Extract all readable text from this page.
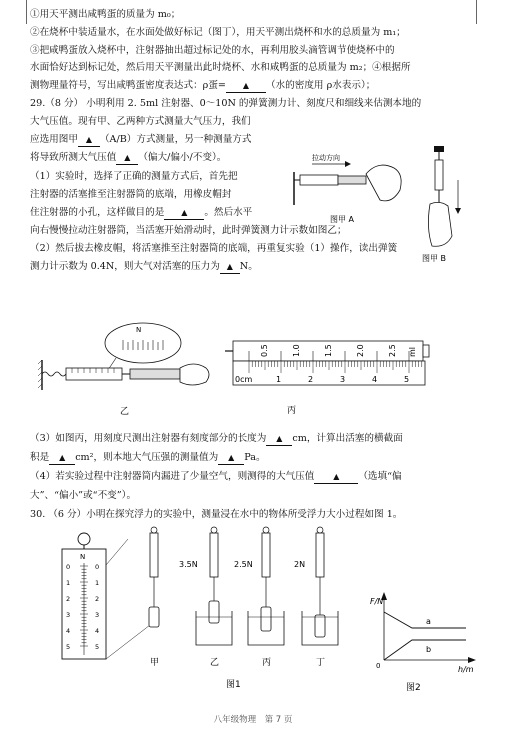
①用天平测出咸鸭蛋的质量为 m₀；
②在烧杯中装适量水，在水面处做好标记（图丁），用天平测出烧杯和水的总质量为 m₁；
③把咸鸭蛋放入烧杯中，注射器抽出超过标记处的水，再利用胶头滴管调节使烧杯中的
水面恰好达到标记处，然后用天平测量出此时烧杯、水和咸鸭蛋的总质量为 m₂；④根据所
测物理量符号，写出咸鸭蛋密度表达式：ρ蛋= ▲ （水的密度用 ρ水表示）；
29.（8 分） 小明利用 2. 5ml 注射器、0～10N 的弹簧测力计、刻度尺和细线来估测本地的
大气压值。现有甲、乙两种方式测量大气压力，我们
应选用图甲 ▲ （A/B）方式测量，另一种测量方式
将导致所测大气压值 ▲ （偏大/偏小/不变）。
（1）实验时，选择了正确的测量方式后，首先把
注射器的活塞推至注射器筒的底端，用橡皮帽封
住注射器的小孔，这样做目的是 ▲ 。然后水平
向右慢慢拉动注射器筒，当活塞开始滑动时，此时弹簧测力计示数如图乙；
（2）然后拔去橡皮帽，将活塞推至注射器筒的底端，再重复实验（1）操作，读出弹簧
测力计示数为 0.4N，则大气对活塞的压力为 ▲ N。
拉动方向
图甲 A
图甲 B
N
乙
0.5	1.0	1.5	2.0	2.5 ml
0cm	1	2	3	4	5
丙
（3）如图丙，用刻度尺测出注射器有刻度部分的长度为 ▲ cm，计算出活塞的横截面
积是 ▲ cm²，则本地大气压强的测量值为 ▲ Pa。
（4）若实验过程中注射器筒内漏进了少量空气，则测得的大气压值 ▲ （选填“偏
大”、“偏小”或“不变”）。
30. （6 分）小明在探究浮力的实验中，测量浸在水中的物体所受浮力大小过程如图 1。
N
0
1
2
3
4
5
0
1
2
3
4
5
3.5N	2.5N	2N
甲	乙	丙	丁
图1
F/N
h/m
0
a
b
图2
八年级物理　第 7 页
